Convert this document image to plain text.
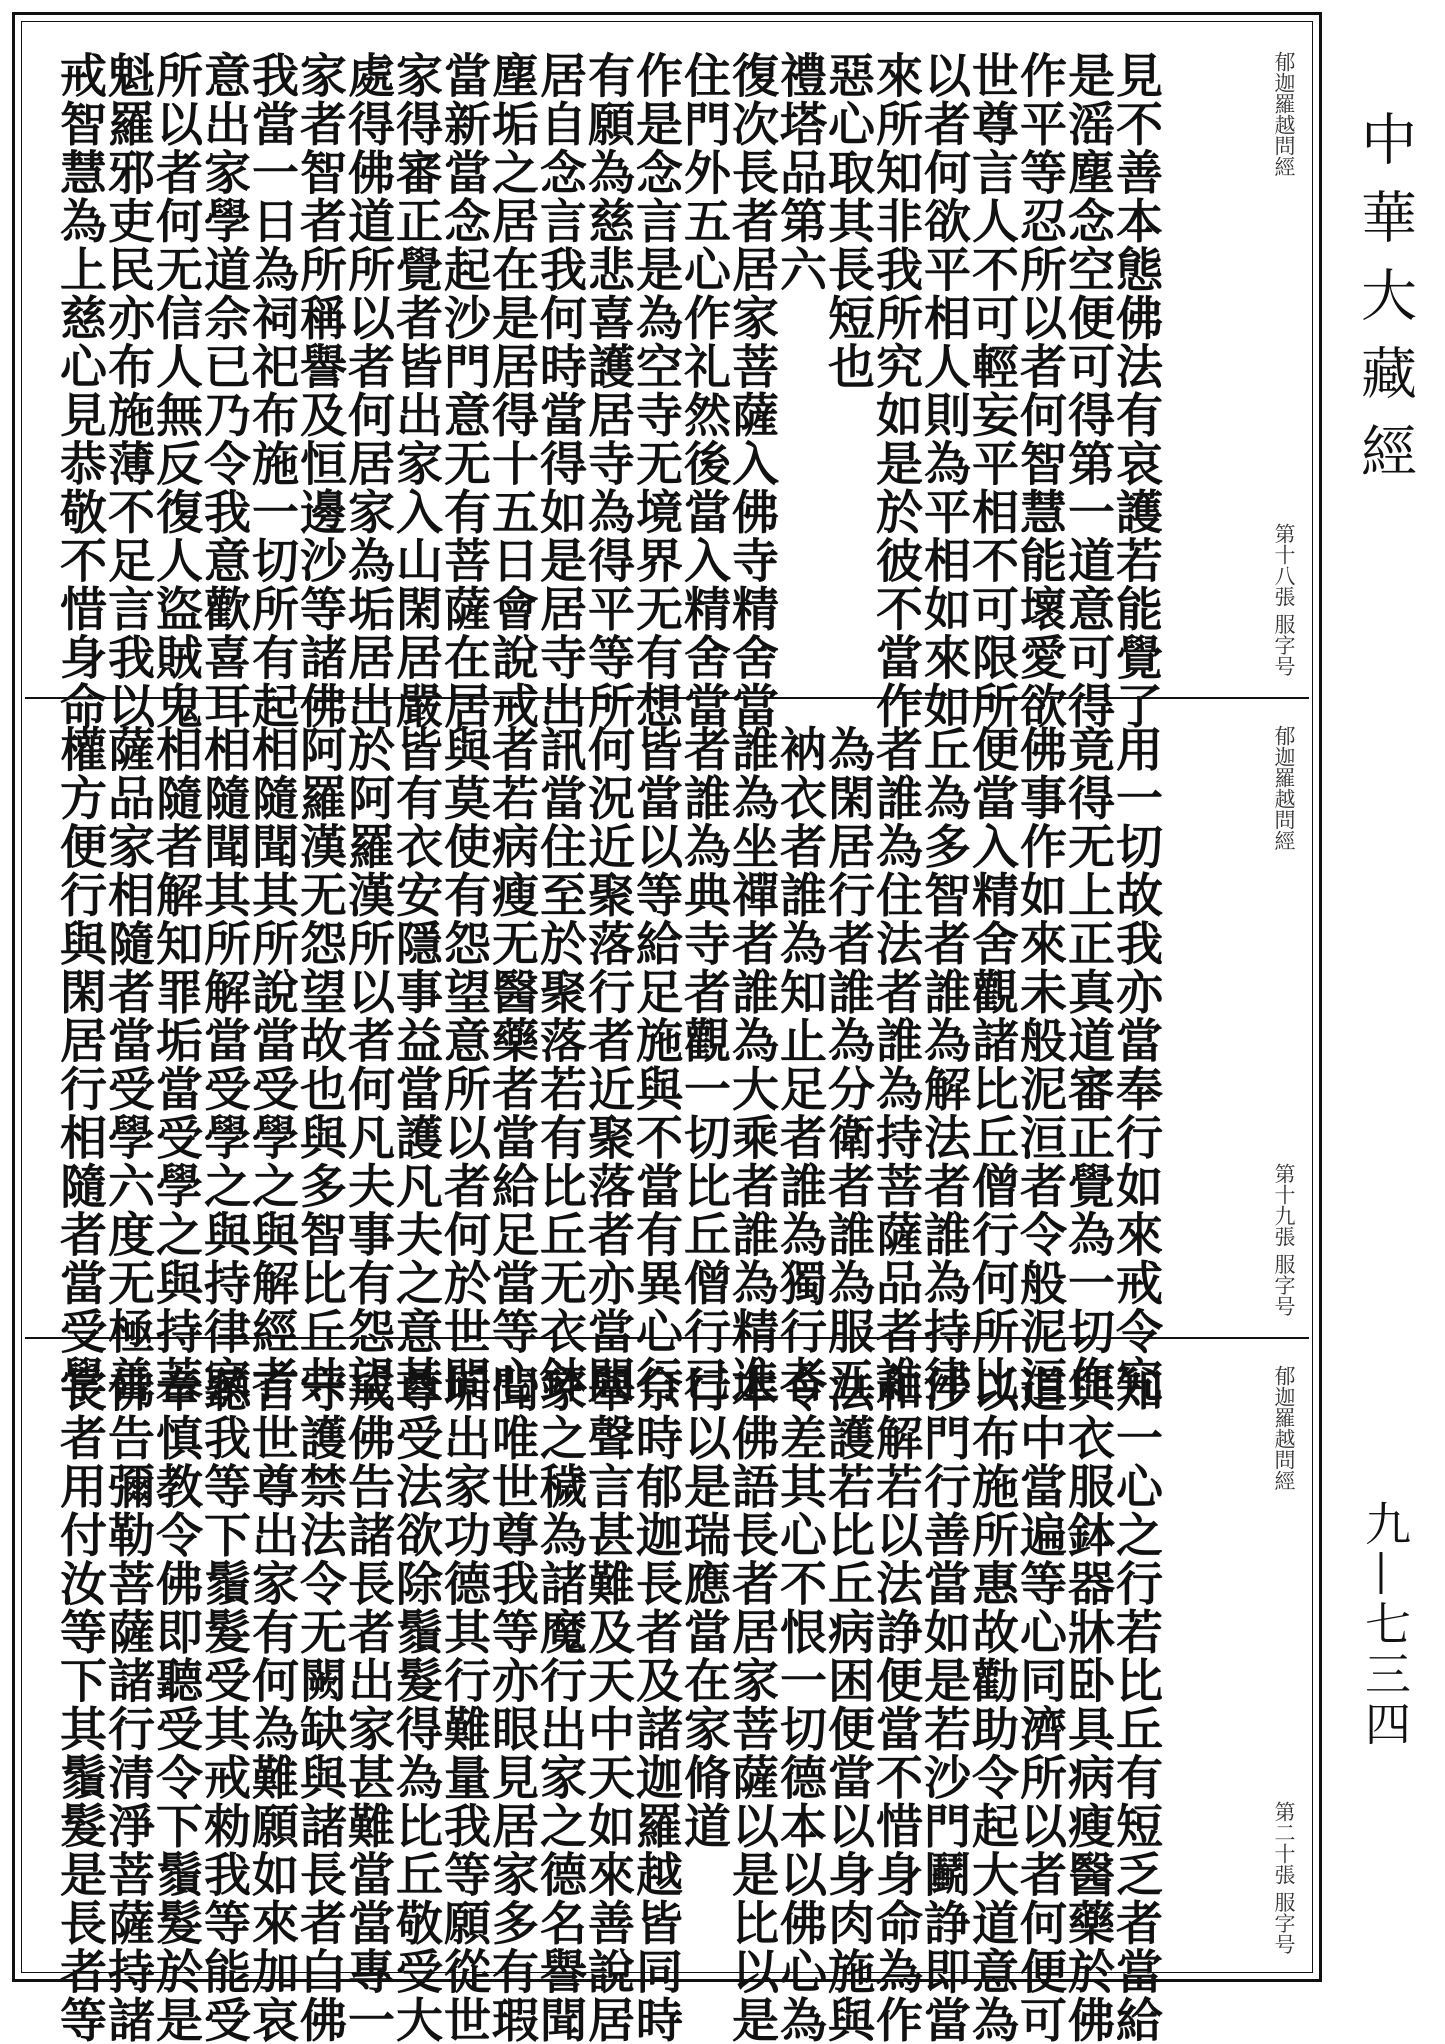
見不善本態佛法有哀護若能覺了
是滛塵念空便可得第一道意可得
作平等忍所以者何智慧能壞愛欲
世尊言人不可輕妄平相不可限所
以者何欲平相人則為平相如來如
來所知非我所究如是於彼不當作
惡心取其長短也
禮塔品第六
復次長者居家菩薩入佛寺精舍當
住門外五心作礼然後當入精舍當
作是念言是為空寺无境界无有想
有願為慈悲喜護居寺為得平等所
居自念言我何時當得如是居寺出
塵垢之居在是居得十五日會說戒
當新當念起沙門意无有菩薩在居
家得審正覺者皆出家入山閑居嚴
處得佛道所以者何居家為垢居出
家者智者所稱譽及恒邊沙等諸佛
我當一日為祠祀布施一切所有起
意出家學道佘已乃令我意歡喜耳
所以者何无信人無反復人盜賊鬼
魁羅邪吏民亦布施薄不足言我以
戒智慧為上慈心見恭敬不惜身命	郁迦羅越問經
第十八張 服字号
用一切故我亦當奉行如來戒令究
竟得无上正真道審正覺為一切作
佛事作如來未般泥洹者令般泥洹
便當入精舍觀諸比丘僧行何所比
丘為多智者誰為解法者誰為持律
者誰為住法者誰為持菩薩品者誰
為閑居行者誰為分衛者誰為服五
衲衣者誰為知止足者誰為獨行者
誰為坐禪者誰為大乘者誰為精進
者誰為典寺者觀一切比丘僧行已
皆當以等給足施與不當有異心行
何況近聚落行者近聚落者亦當問
訊當住至於聚落若有比丘无衣鉢
者若病瘦无醫藥者當給足當等心
與莫使有怨望意所以者何於世間
皆有衣安隱事益當護凡夫之意甚
於阿羅漢所以者何凡夫事有怨望
阿羅漢无怨望故也與多智比丘共
相隨聞其所說當受學之與解經者
相隨聞其所解當受學之與持律家
相隨者解知罪垢當受學之與持菩
薩品家相隨者當受學六度无極善
權方便行與閑居行相隨者當受學	郁迦羅越問經
第十九張 服字号
知一心之行若比丘有短乏者當給
與衣服鉢器牀卧具病瘦醫藥於佛
道中當遍等心同濟所以者何便可
以布施所惠故勸助令起大道意為
沙門行善當如是若沙門鬬諍即當
和解若以法諍便當不惜身命為作
法護若比丘病困便當以身肉施與
令差其心不恨一切德本以佛心為
本佛語長者居家菩薩以是比以是
行以是瑞應當在家脩道
佘時郁迦長者及諸迦羅越皆同時
舉聲言甚難及天中天如來善說居
家之穢為諸魔行出家之德名譽聞
聞唯世尊我等亦眼見居家多有瑕
垢出家功德其行難量我等願從世
尊受法欲除鬚髮得為比丘敬受大
戒佛告諸長者出家甚難當當專一
守護禁法令无闕缺與諸長者白佛
言世尊出家有何為難願如來加哀
聽我等下鬚髮受其戒勑我等能受
奉慎教令佛即聽受令下鬚髮於是
佛告彌勒菩薩諸行清淨菩薩持諸
長者用付汝等下其鬚髮是長者等	郁迦羅越問經
第二十張 服字号
中華大藏經
九—七三四
